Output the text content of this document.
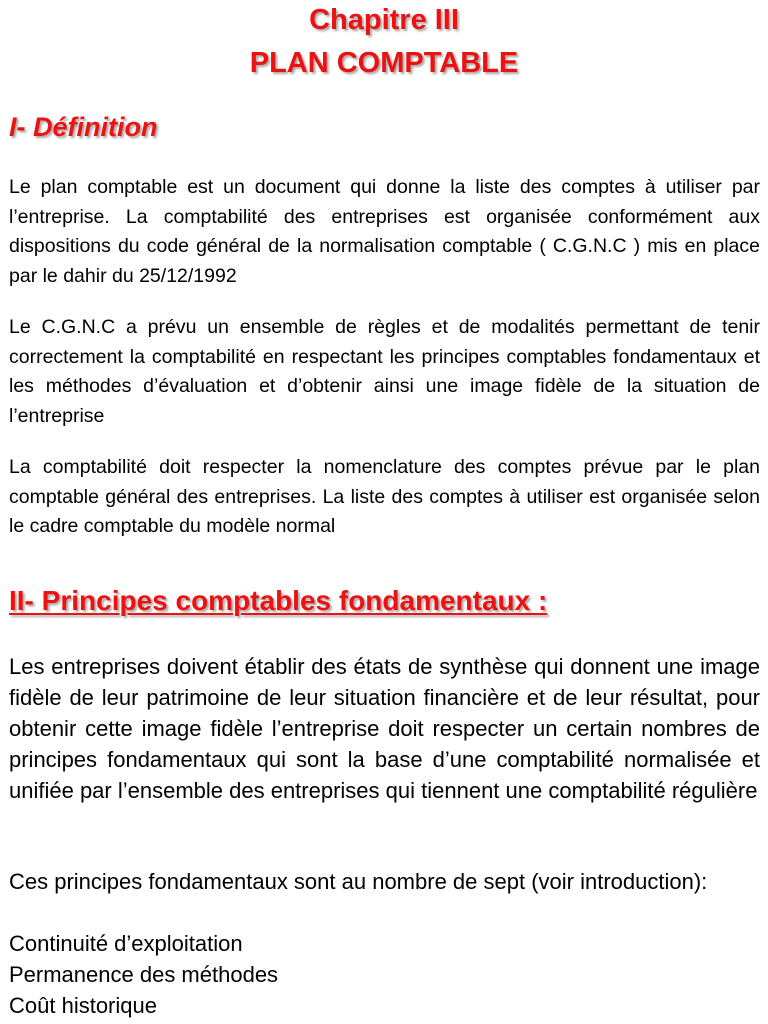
Chapitre III
PLAN COMPTABLE
I- Définition

Le plan comptable est un document qui donne la liste des comptes à utiliser par l’entreprise. La comptabilité des entreprises est organisée conformément aux dispositions du code général de la normalisation comptable ( C.G.N.C ) mis en place par le dahir du 25/12/1992

Le C.G.N.C a prévu un ensemble de règles et de modalités permettant de tenir correctement la comptabilité en respectant les principes comptables fondamentaux et les méthodes d’évaluation et d’obtenir ainsi une image fidèle de la situation de l’entreprise

La comptabilité doit respecter la nomenclature des comptes prévue par le plan comptable général des entreprises. La liste des comptes à utiliser est organisée selon le cadre comptable du modèle normal

II- Principes comptables fondamentaux :

Les entreprises doivent établir des états de synthèse qui donnent une image fidèle de leur patrimoine de leur situation financière et de leur résultat, pour obtenir cette image fidèle l’entreprise doit respecter un certain nombres de principes fondamentaux qui sont la base d’une comptabilité normalisée et unifiée par l’ensemble des entreprises qui tiennent une comptabilité régulière

Ces principes fondamentaux sont au nombre de sept (voir introduction):

Continuité d’exploitation
Permanence des méthodes
Coût historique
